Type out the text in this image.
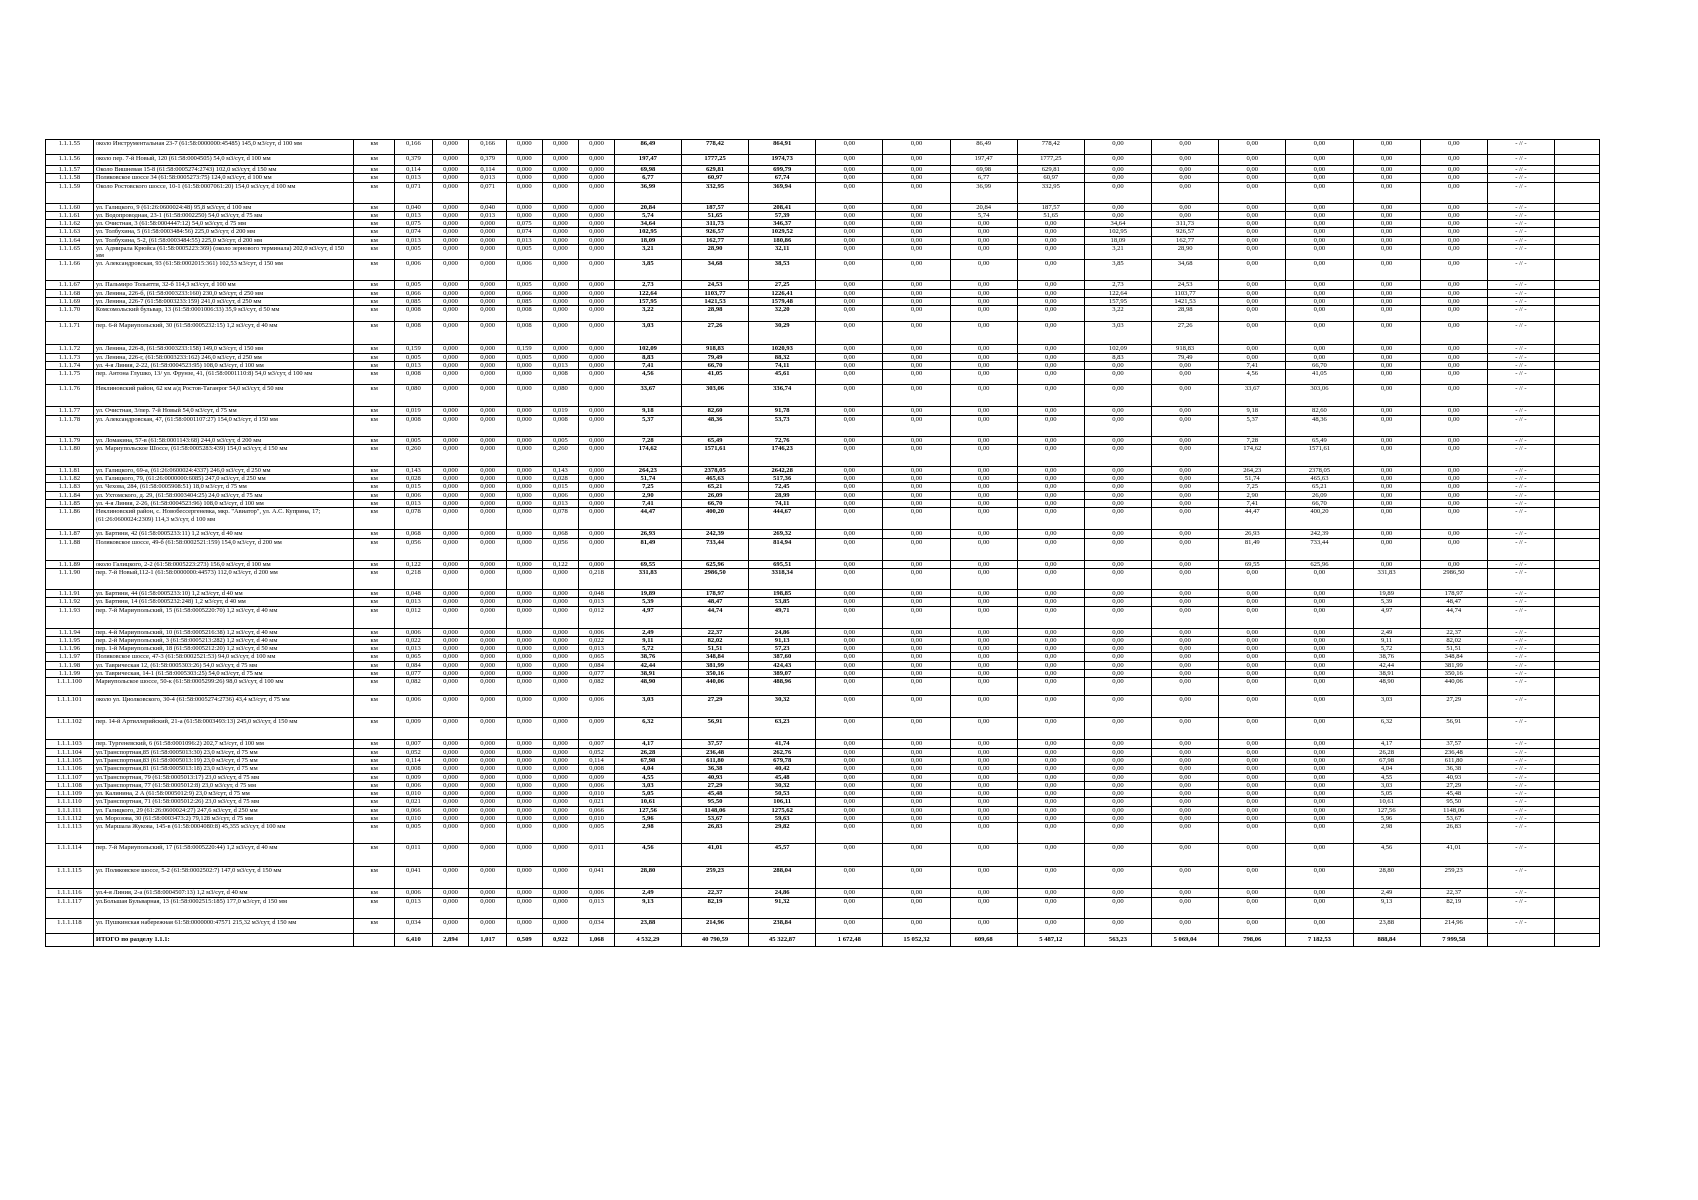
1.1.1.55	около Инструментальная 23-7 (61:58:0000000:45485) 145,0 м3/сут, d 100 мм	км	0,166	0,000	0,166	0,000	0,000	0,000	86,49	778,42	864,91	0,00	0,00	86,49	778,42	0,00	0,00	0,00	0,00	0,00	0,00	- // -	
1.1.1.56	около пер. 7-й Новый, 120 (61:58:0004505) 54,0 м3/сут, d 100 мм	км	0,379	0,000	0,379	0,000	0,000	0,000	197,47	1777,25	1974,73	0,00	0,00	197,47	1777,25	0,00	0,00	0,00	0,00	0,00	0,00	- // -	
1.1.1.57	Около Вишневая 15-8 (61:58:0005274:2743) 102,0 м3/сут, d 150 мм	км	0,114	0,000	0,114	0,000	0,000	0,000	69,98	629,81	699,79	0,00	0,00	69,98	629,81	0,00	0,00	0,00	0,00	0,00	0,00	- // -	
1.1.1.58	Поляковское шоссе 34 (61:58:0005273:75) 124,0 м3/сут, d 100 мм	км	0,013	0,000	0,013	0,000	0,000	0,000	6,77	60,97	67,74	0,00	0,00	6,77	60,97	0,00	0,00	0,00	0,00	0,00	0,00	- // -	
1.1.1.59	Около Ростовского шоссе, 10-1 (61:58:0007061:20) 154,0 м3/сут, d 100 мм	км	0,071	0,000	0,071	0,000	0,000	0,000	36,99	332,95	369,94	0,00	0,00	36,99	332,95	0,00	0,00	0,00	0,00	0,00	0,00	- // -	
1.1.1.60	ул. Галицкого, 9 (61:26:0600024:48) 95,8 м3/сут, d 100 мм	км	0,040	0,000	0,040	0,000	0,000	0,000	20,84	187,57	208,41	0,00	0,00	20,84	187,57	0,00	0,00	0,00	0,00	0,00	0,00	- // -	
1.1.1.61	ул. Водопроводная, 23-1 (61:58:0002250) 54,0 м3/сут, d 75 мм	км	0,013	0,000	0,013	0,000	0,000	0,000	5,74	51,65	57,39	0,00	0,00	5,74	51,65	0,00	0,00	0,00	0,00	0,00	0,00	- // -	
1.1.1.62	ул. Очистная, 3 (61:58:0004447:12) 54,0 м3/сут, d 75 мм	км	0,075	0,000	0,000	0,075	0,000	0,000	34,64	311,73	346,37	0,00	0,00	0,00	0,00	34,64	311,73	0,00	0,00	0,00	0,00	- // -	
1.1.1.63	ул. Толбухина, 5 (61:58:0003484:56) 225,0 м3/сут, d 200 мм	км	0,074	0,000	0,000	0,074	0,000	0,000	102,95	926,57	1029,52	0,00	0,00	0,00	0,00	102,95	926,57	0,00	0,00	0,00	0,00	- // -	
1.1.1.64	ул. Толбухина, 5-2, (61:58:0003484:55) 225,0 м3/сут, d 200 мм	км	0,013	0,000	0,000	0,013	0,000	0,000	18,09	162,77	180,86	0,00	0,00	0,00	0,00	18,09	162,77	0,00	0,00	0,00	0,00	- // -	
1.1.1.65	ул. Адмирала Крюйса (61:58:0005223:369) (около зернового терминала) 202,0 м3/сут, d 150 мм	км	0,005	0,000	0,000	0,005	0,000	0,000	3,21	28,90	32,11	0,00	0,00	0,00	0,00	3,21	28,90	0,00	0,00	0,00	0,00	- // -	
1.1.1.66	ул. Александровская, 93 (61:58:0002015:361) 102,53 м3/сут, d 150 мм	км	0,006	0,000	0,000	0,006	0,000	0,000	3,85	34,68	38,53	0,00	0,00	0,00	0,00	3,85	34,68	0,00	0,00	0,00	0,00	- // -	
1.1.1.67	ул. Пальмиро Тольятти, 32-б 114,3 м3/сут, d 100 мм	км	0,005	0,000	0,000	0,005	0,000	0,000	2,73	24,53	27,25	0,00	0,00	0,00	0,00	2,73	24,53	0,00	0,00	0,00	0,00	- // -	
1.1.1.68	ул. Ленина, 226-б, (61:58:0003233:160) 230,0 м3/сут, d 250 мм	км	0,066	0,000	0,000	0,066	0,000	0,000	122,64	1103,77	1226,41	0,00	0,00	0,00	0,00	122,64	1103,77	0,00	0,00	0,00	0,00	- // -	
1.1.1.69	ул. Ленина, 226-7 (61:58:0003233:159) 241,0 м3/сут, d 250 мм	км	0,085	0,000	0,000	0,085	0,000	0,000	157,95	1421,53	1579,48	0,00	0,00	0,00	0,00	157,95	1421,53	0,00	0,00	0,00	0,00	- // -	
1.1.1.70	Комсомольский бульвар, 13 (61:58:0001006:33) 35,9 м3/сут, d 50 мм	км	0,008	0,000	0,000	0,008	0,000	0,000	3,22	28,98	32,20	0,00	0,00	0,00	0,00	3,22	28,98	0,00	0,00	0,00	0,00	- // -	
1.1.1.71	пер. 6-й Мариупольский, 30 (61:58:0005232:15) 1,2 м3/сут, d 40 мм	км	0,008	0,000	0,000	0,008	0,000	0,000	3,03	27,26	30,29	0,00	0,00	0,00	0,00	3,03	27,26	0,00	0,00	0,00	0,00	- // -	
1.1.1.72	ул. Ленина, 226-8, (61:58:0003233:158) 149,0 м3/сут, d 150 мм	км	0,159	0,000	0,000	0,159	0,000	0,000	102,09	918,83	1020,93	0,00	0,00	0,00	0,00	102,09	918,83	0,00	0,00	0,00	0,00	- // -	
1.1.1.73	ул. Ленина, 226-г, (61:58:0003233:162) 246,0 м3/сут, d 250 мм	км	0,005	0,000	0,000	0,005	0,000	0,000	8,83	79,49	88,32	0,00	0,00	0,00	0,00	8,83	79,49	0,00	0,00	0,00	0,00	- // -	
1.1.1.74	ул. 4-я Линия, 2-22, (61:58:0004523:95) 108,0 м3/сут, d 100 мм	км	0,013	0,000	0,000	0,000	0,013	0,000	7,41	66,70	74,11	0,00	0,00	0,00	0,00	0,00	0,00	7,41	66,70	0,00	0,00	- // -	
1.1.1.75	пер. Антона Глушко, 13/ ул. Фрунзе, 41, (61:58:0001110:8) 54,0 м3/сут, d 100 мм	км	0,008	0,000	0,000	0,000	0,008	0,000	4,56	41,05	45,61	0,00	0,00	0,00	0,00	0,00	0,00	4,56	41,05	0,00	0,00	- // -	
1.1.1.76	Неклиновский район, 62 км а/д Ростов-Таганрог 54,0 м3/сут, d 50 мм	км	0,080	0,000	0,000	0,000	0,080	0,000	33,67	303,06	336,74	0,00	0,00	0,00	0,00	0,00	0,00	33,67	303,06	0,00	0,00	- // -	
1.1.1.77	ул. Очистная, 3/пер. 7-й Новый 54,0 м3/сут, d 75 мм	км	0,019	0,000	0,000	0,000	0,019	0,000	9,18	82,60	91,78	0,00	0,00	0,00	0,00	0,00	0,00	9,18	82,60	0,00	0,00	- // -	
1.1.1.78	ул. Александровская, 47, (61:58:0001107:27) 154,0 м3/сут, d 150 мм	км	0,008	0,000	0,000	0,000	0,008	0,000	5,37	48,36	53,73	0,00	0,00	0,00	0,00	0,00	0,00	5,37	48,36	0,00	0,00	- // -	
1.1.1.79	ул. Ломакина, 57-в (61:58:0001143:68) 244,0 м3/сут, d 200 мм	км	0,005	0,000	0,000	0,000	0,005	0,000	7,28	65,49	72,76	0,00	0,00	0,00	0,00	0,00	0,00	7,28	65,49	0,00	0,00	- // -	
1.1.1.80	ул. Мариупольское Шоссе, (61:58:0005283:439) 154,0 м3/сут, d 150 мм	км	0,260	0,000	0,000	0,000	0,260	0,000	174,62	1571,61	1746,23	0,00	0,00	0,00	0,00	0,00	0,00	174,62	1571,61	0,00	0,00	- // -	
1.1.1.81	ул. Галицкого, 69-а, (61:26:0600024:4337) 246,0 м3/сут, d 250 мм	км	0,143	0,000	0,000	0,000	0,143	0,000	264,23	2378,05	2642,28	0,00	0,00	0,00	0,00	0,00	0,00	264,23	2378,05	0,00	0,00	- // -	
1.1.1.82	ул. Галицкого, 79, (61:26:0000000:6085) 247,0 м3/сут, d 250 мм	км	0,028	0,000	0,000	0,000	0,028	0,000	51,74	465,63	517,36	0,00	0,00	0,00	0,00	0,00	0,00	51,74	465,63	0,00	0,00	- // -	
1.1.1.83	ул. Чехова, 284, (61:58:0005908:51) 18,0 м3/сут, d 75 мм	км	0,015	0,000	0,000	0,000	0,015	0,000	7,25	65,21	72,45	0,00	0,00	0,00	0,00	0,00	0,00	7,25	65,21	0,00	0,00	- // -	
1.1.1.84	ул. Ухтомского, д. 29, (61:58:0003404:25) 24,0 м3/сут, d 75 мм	км	0,006	0,000	0,000	0,000	0,006	0,000	2,90	26,09	28,99	0,00	0,00	0,00	0,00	0,00	0,00	2,90	26,09	0,00	0,00	- // -	
1.1.1.85	ул. 4-я Линия, 2-26, (61:58:0004523:96) 108,0 м3/сут, d 100 мм	км	0,013	0,000	0,000	0,000	0,013	0,000	7,41	66,70	74,11	0,00	0,00	0,00	0,00	0,00	0,00	7,41	66,70	0,00	0,00	- // -	
1.1.1.86	Неклиновский район, с. Новобессергеневка, мкр. "Авиатор", ул. А.С. Куприна, 17; (61:26:0600024:2309) 114,3 м3/сут, d 100 мм	км	0,078	0,000	0,000	0,000	0,078	0,000	44,47	400,20	444,67	0,00	0,00	0,00	0,00	0,00	0,00	44,47	400,20	0,00	0,00	- // -	
1.1.1.87	ул. Бартини, 42 (61:58:0005233:11) 1,2 м3/сут, d 40 мм	км	0,068	0,000	0,000	0,000	0,068	0,000	26,93	242,39	269,32	0,00	0,00	0,00	0,00	0,00	0,00	26,93	242,39	0,00	0,00	- // -	
1.1.1.88	Поляковское шоссе, 49-б (61:58:0002521:159) 154,0 м3/сут, d 200 мм	км	0,056	0,000	0,000	0,000	0,056	0,000	81,49	733,44	814,94	0,00	0,00	0,00	0,00	0,00	0,00	81,49	733,44	0,00	0,00	- // -	
1.1.1.89	около Галицкого, 2-2 (61:58:0005223:273) 156,0 м3/сут, d 100 мм	км	0,122	0,000	0,000	0,000	0,122	0,000	69,55	625,96	695,51	0,00	0,00	0,00	0,00	0,00	0,00	69,55	625,96	0,00	0,00	- // -	
1.1.1.90	пер. 7-й Новый,112-1 (61:58:0000000:44573) 112,0 м3/сут, d 200 мм	км	0,218	0,000	0,000	0,000	0,000	0,218	331,83	2986,50	3318,34	0,00	0,00	0,00	0,00	0,00	0,00	0,00	0,00	331,83	2986,50	- // -	
1.1.1.91	ул. Бартини, 44 (61:58:0005233:10) 1,2 м3/сут, d 40 мм	км	0,048	0,000	0,000	0,000	0,000	0,048	19,89	178,97	198,85	0,00	0,00	0,00	0,00	0,00	0,00	0,00	0,00	19,89	178,97	- // -	
1.1.1.92	ул. Бартини, 14 (61:58:0005232:248) 1,2 м3/сут, d 40 мм	км	0,013	0,000	0,000	0,000	0,000	0,013	5,39	48,47	53,85	0,00	0,00	0,00	0,00	0,00	0,00	0,00	0,00	5,39	48,47	- // -	
1.1.1.93	пер. 7-й Мариупольский, 15 (61:58:0005220:70) 1,2 м3/сут, d 40 мм	км	0,012	0,000	0,000	0,000	0,000	0,012	4,97	44,74	49,71	0,00	0,00	0,00	0,00	0,00	0,00	0,00	0,00	4,97	44,74	- // -	
1.1.1.94	пер. 4-й Мариупольский, 10 (61:58:0005216:38) 1,2 м3/сут, d 40 мм	км	0,006	0,000	0,000	0,000	0,000	0,006	2,49	22,37	24,86	0,00	0,00	0,00	0,00	0,00	0,00	0,00	0,00	2,49	22,37	- // -	
1.1.1.95	пер. 2-й Мариупольский, 3 (61:58:0005213:282) 1,2 м3/сут, d 40 мм	км	0,022	0,000	0,000	0,000	0,000	0,022	9,11	82,02	91,13	0,00	0,00	0,00	0,00	0,00	0,00	0,00	0,00	9,11	82,02	- // -	
1.1.1.96	пер. 1-й Мариупольский, 18 (61:58:0005212:20) 1,2 м3/сут, d 50 мм	км	0,013	0,000	0,000	0,000	0,000	0,013	5,72	51,51	57,23	0,00	0,00	0,00	0,00	0,00	0,00	0,00	0,00	5,72	51,51	- // -	
1.1.1.97	Поляковское шоссе, 47-3 (61:58:0002521:53) 94,0 м3/сут, d 100 мм	км	0,065	0,000	0,000	0,000	0,000	0,065	38,76	348,84	387,60	0,00	0,00	0,00	0,00	0,00	0,00	0,00	0,00	38,76	348,84	- // -	
1.1.1.98	ул. Таврическая 12, (61:58:0005303:26) 54,0 м3/сут, d 75 мм	км	0,084	0,000	0,000	0,000	0,000	0,084	42,44	381,99	424,43	0,00	0,00	0,00	0,00	0,00	0,00	0,00	0,00	42,44	381,99	- // -	
1.1.1.99	ул. Таврическая, 14-1 (61:58:0005303:25) 54,0 м3/сут, d 75 мм	км	0,077	0,000	0,000	0,000	0,000	0,077	38,91	350,16	389,07	0,00	0,00	0,00	0,00	0,00	0,00	0,00	0,00	38,91	350,16	- // -	
1.1.1.100	Мариупольское шоссе, 50-к (61:58:0005299:26) 98,0 м3/сут, d 100 мм	км	0,082	0,000	0,000	0,000	0,000	0,082	48,90	440,06	488,96	0,00	0,00	0,00	0,00	0,00	0,00	0,00	0,00	48,90	440,06	- // -	
1.1.1.101	около ул. Циолковского, 30-4 (61:58:0005274:2736) 43,4 м3/сут, d 75 мм	км	0,006	0,000	0,000	0,000	0,000	0,006	3,03	27,29	30,32	0,00	0,00	0,00	0,00	0,00	0,00	0,00	0,00	3,03	27,29	- // -	
1.1.1.102	пер. 14-й Артиллерийский, 21-а (61:58:0003493:13) 245,0 м3/сут, d 150 мм	км	0,009	0,000	0,000	0,000	0,000	0,009	6,32	56,91	63,23	0,00	0,00	0,00	0,00	0,00	0,00	0,00	0,00	6,32	56,91	- // -	
1.1.1.103	пер. Тургеневский, 6 (61:58:0001096:2) 202,7 м3/сут, d 100 мм	км	0,007	0,000	0,000	0,000	0,000	0,007	4,17	37,57	41,74	0,00	0,00	0,00	0,00	0,00	0,00	0,00	0,00	4,17	37,57	- // -	
1.1.1.104	ул.Транспортная,85 (61:58:0005013:30) 23,0 м3/сут, d 75 мм	км	0,052	0,000	0,000	0,000	0,000	0,052	26,28	236,48	262,76	0,00	0,00	0,00	0,00	0,00	0,00	0,00	0,00	26,28	236,48	- // -	
1.1.1.105	ул.Транспортная,83 (61:58:0005013:19) 23,0 м3/сут, d 75 мм	км	0,114	0,000	0,000	0,000	0,000	0,114	67,98	611,80	679,78	0,00	0,00	0,00	0,00	0,00	0,00	0,00	0,00	67,98	611,80	- // -	
1.1.1.106	ул.Транспортная,81 (61:58:0005013:18) 23,0 м3/сут, d 75 мм	км	0,008	0,000	0,000	0,000	0,000	0,008	4,04	36,38	40,42	0,00	0,00	0,00	0,00	0,00	0,00	0,00	0,00	4,04	36,38	- // -	
1.1.1.107	ул.Транспортная, 79 (61:58:0005013:17) 23,0 м3/сут, d 75 мм	км	0,009	0,000	0,000	0,000	0,000	0,009	4,55	40,93	45,48	0,00	0,00	0,00	0,00	0,00	0,00	0,00	0,00	4,55	40,93	- // -	
1.1.1.108	ул.Транспортная, 77 (61:58:0005012:8) 23,0 м3/сут, d 75 мм	км	0,006	0,000	0,000	0,000	0,000	0,006	3,03	27,29	30,32	0,00	0,00	0,00	0,00	0,00	0,00	0,00	0,00	3,03	27,29	- // -	
1.1.1.109	ул. Калинина, 2 А (61:58:0005012:9) 23,0 м3/сут, d 75 мм	км	0,010	0,000	0,000	0,000	0,000	0,010	5,05	45,48	50,53	0,00	0,00	0,00	0,00	0,00	0,00	0,00	0,00	5,05	45,48	- // -	
1.1.1.110	ул.Транспортная, 71 (61:58:0005012:26) 23,0 м3/сут, d 75 мм	км	0,021	0,000	0,000	0,000	0,000	0,021	10,61	95,50	106,11	0,00	0,00	0,00	0,00	0,00	0,00	0,00	0,00	10,61	95,50	- // -	
1.1.1.111	ул. Галицкого, 29 (61:26:0600024:27) 247,6 м3/сут, d 250 мм	км	0,066	0,000	0,000	0,000	0,000	0,066	127,56	1148,06	1275,62	0,00	0,00	0,00	0,00	0,00	0,00	0,00	0,00	127,56	1148,06	- // -	
1.1.1.112	ул. Морозова, 30 (61:58:0003473:2) 79,128 м3/сут, d 75 мм	км	0,010	0,000	0,000	0,000	0,000	0,010	5,96	53,67	59,63	0,00	0,00	0,00	0,00	0,00	0,00	0,00	0,00	5,96	53,67	- // -	
1.1.1.113	ул. Маршала Жукова, 145-в (61:58:0004080:8) 45,355 м3/сут, d 100 мм	км	0,005	0,000	0,000	0,000	0,000	0,005	2,98	26,83	29,82	0,00	0,00	0,00	0,00	0,00	0,00	0,00	0,00	2,98	26,83	- // -	
1.1.1.114	пер. 7-й Мариупольский, 17 (61:58:0005220:44) 1,2 м3/сут, d 40 мм	км	0,011	0,000	0,000	0,000	0,000	0,011	4,56	41,01	45,57	0,00	0,00	0,00	0,00	0,00	0,00	0,00	0,00	4,56	41,01	- // -	
1.1.1.115	ул. Поляковское шоссе, 5-2 (61:58:0002502:7) 147,0 м3/сут, d 150 мм	км	0,041	0,000	0,000	0,000	0,000	0,041	28,80	259,23	288,04	0,00	0,00	0,00	0,00	0,00	0,00	0,00	0,00	28,80	259,23	- // -	
1.1.1.116	ул.4-я Линия, 2-а (61:58:0004507:13) 1,2 м3/сут, d 40 мм	км	0,006	0,000	0,000	0,000	0,000	0,006	2,49	22,37	24,86	0,00	0,00	0,00	0,00	0,00	0,00	0,00	0,00	2,49	22,37	- // -	
1.1.1.117	ул.Большая Бульварная, 13 (61:58:0002515:185) 177,0 м3/сут, d 150 мм	км	0,013	0,000	0,000	0,000	0,000	0,013	9,13	82,19	91,32	0,00	0,00	0,00	0,00	0,00	0,00	0,00	0,00	9,13	82,19	- // -	
1.1.1.118	ул. Пушкинская набережная 61:58:0000000:47571 215,32 м3/сут, d 150 мм	км	0,034	0,000	0,000	0,000	0,000	0,034	23,88	214,96	238,84	0,00	0,00	0,00	0,00	0,00	0,00	0,00	0,00	23,88	214,96	- // -	
	ИТОГО по разделу 1.1.1:		6,410	2,894	1,017	0,509	0,922	1,068	4 532,29	40 790,59	45 322,87	1 672,48	15 052,32	609,68	5 487,12	563,23	5 069,04	798,06	7 182,53	888,84	7 999,58		
